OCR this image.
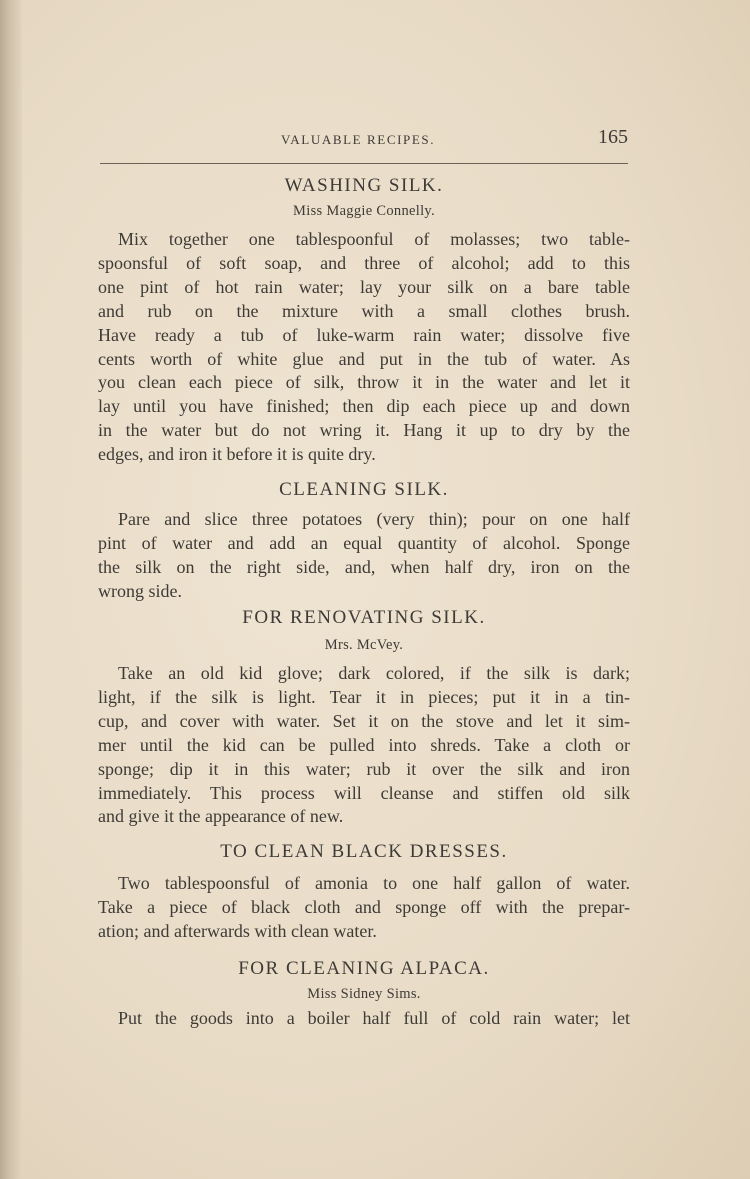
VALUABLE RECIPES.	165

WASHING SILK.

Miss Maggie Connelly.

Mix together one tablespoonful of molasses; two table-
spoonsful of soft soap, and three of alcohol; add to this
one pint of hot rain water; lay your silk on a bare table
and rub on the mixture with a small clothes brush.
Have ready a tub of luke-warm rain water; dissolve five
cents worth of white glue and put in the tub of water. As
you clean each piece of silk, throw it in the water and let it
lay until you have finished; then dip each piece up and down
in the water but do not wring it. Hang it up to dry by the
edges, and iron it before it is quite dry.

CLEANING SILK.

Pare and slice three potatoes (very thin); pour on one half
pint of water and add an equal quantity of alcohol. Sponge
the silk on the right side, and, when half dry, iron on the
wrong side.

FOR RENOVATING SILK.

Mrs. McVey.

Take an old kid glove; dark colored, if the silk is dark;
light, if the silk is light. Tear it in pieces; put it in a tin-
cup, and cover with water. Set it on the stove and let it sim-
mer until the kid can be pulled into shreds. Take a cloth or
sponge; dip it in this water; rub it over the silk and iron
immediately. This process will cleanse and stiffen old silk
and give it the appearance of new.

TO CLEAN BLACK DRESSES.

Two tablespoonsful of amonia to one half gallon of water.
Take a piece of black cloth and sponge off with the prepar-
ation; and afterwards with clean water.

FOR CLEANING ALPACA.

Miss Sidney Sims.

Put the goods into a boiler half full of cold rain water; let
